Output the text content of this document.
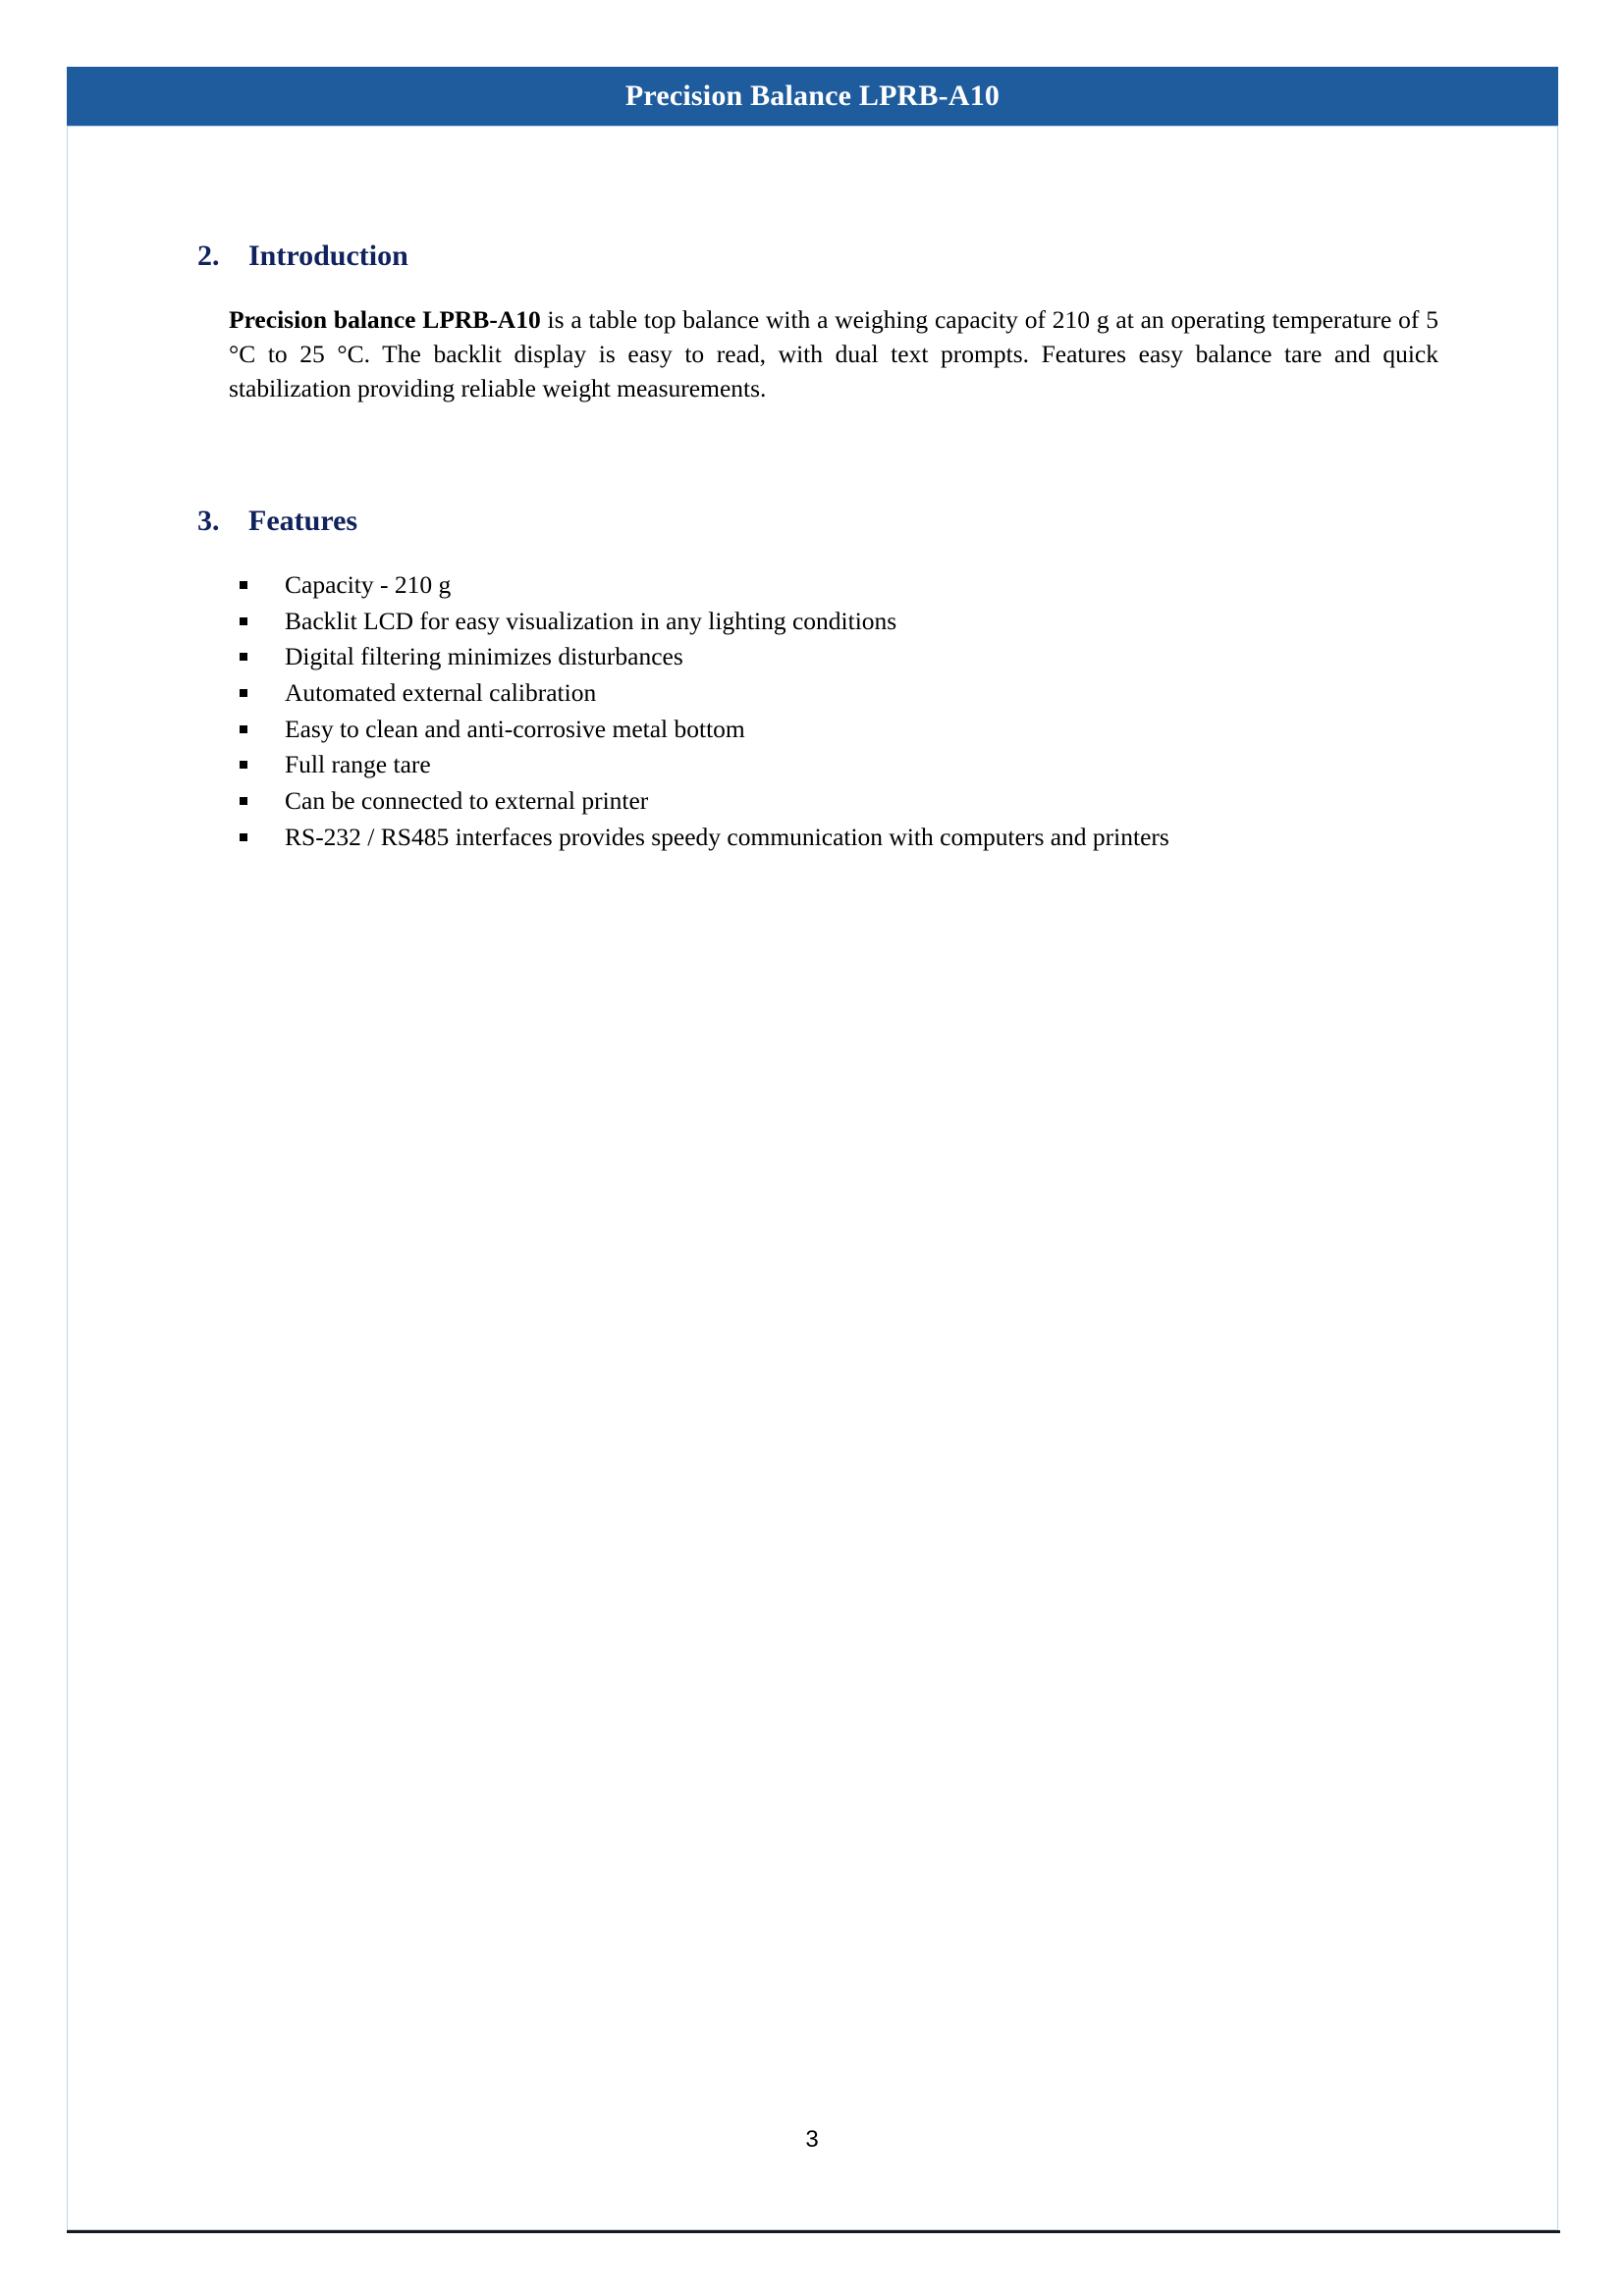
Precision Balance LPRB-A10
2. Introduction

Precision balance LPRB-A10 is a table top balance with a weighing capacity of 210 g at an operating temperature of 5 °C to 25 °C. The backlit display is easy to read, with dual text prompts. Features easy balance tare and quick stabilization providing reliable weight measurements.

3. Features
Capacity - 210 g
Backlit LCD for easy visualization in any lighting conditions
Digital filtering minimizes disturbances
Automated external calibration
Easy to clean and anti-corrosive metal bottom
Full range tare
Can be connected to external printer
RS-232 / RS485 interfaces provides speedy communication with computers and printers
3
